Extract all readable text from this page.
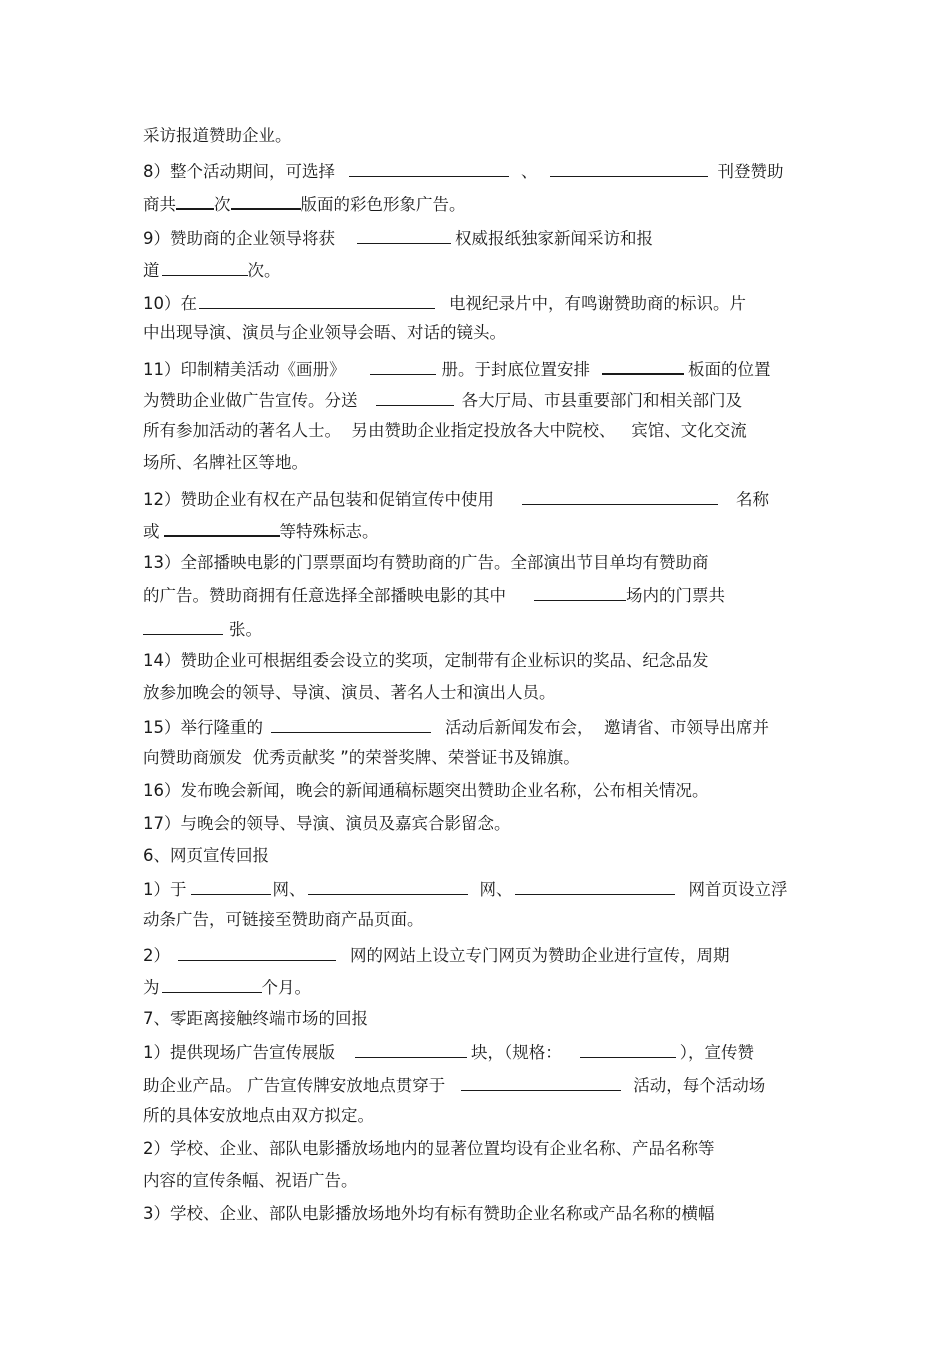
采访报道赞助企业。
8）整个活动期间，可选择	、	刊登赞助
商共 次	版面的彩色形象广告。
9）赞助商的企业领导将获	权威报纸独家新闻采访和报
道	次。
10）在	电视纪录片中，有鸣谢赞助商的标识。片
中出现导演、演员与企业领导会晤、对话的镜头。
11）印制精美活动《画册》	册。于封底位置安排	板面的位置
为赞助企业做广告宣传。分送	各大厅局、市县重要部门和相关部门及
所有参加活动的著名人士。  另由赞助企业指定投放各大中院校、   宾馆、文化交流
场所、名牌社区等地。
12）赞助企业有权在产品包装和促销宣传中使用	名称
或	等特殊标志。
13）全部播映电影的门票票面均有赞助商的广告。全部演出节目单均有赞助商
的广告。赞助商拥有任意选择全部播映电影的其中	场内的门票共
张。
14）赞助企业可根据组委会设立的奖项，定制带有企业标识的奖品、纪念品发
放参加晚会的领导、导演、演员、著名人士和演出人员。
15）举行隆重的	活动后新闻发布会，  邀请省、市领导出席并
向赞助商颁发  优秀贡献奖 ”的荣誉奖牌、荣誉证书及锦旗。
16）发布晚会新闻，晚会的新闻通稿标题突出赞助企业名称，公布相关情况。
17）与晚会的领导、导演、演员及嘉宾合影留念。
6、网页宣传回报
1）于	网、	网、	网首页设立浮
动条广告，可链接至赞助商产品页面。
2）	网的网站上设立专门网页为赞助企业进行宣传，周期
为	个月。
7、零距离接触终端市场的回报
1）提供现场广告宣传展版	块，（规格：	），宣传赞
助企业产品。 广告宣传牌安放地点贯穿于	活动，每个活动场
所的具体安放地点由双方拟定。
2）学校、企业、部队电影播放场地内的显著位置均设有企业名称、产品名称等
内容的宣传条幅、祝语广告。
3）学校、企业、部队电影播放场地外均有标有赞助企业名称或产品名称的横幅
